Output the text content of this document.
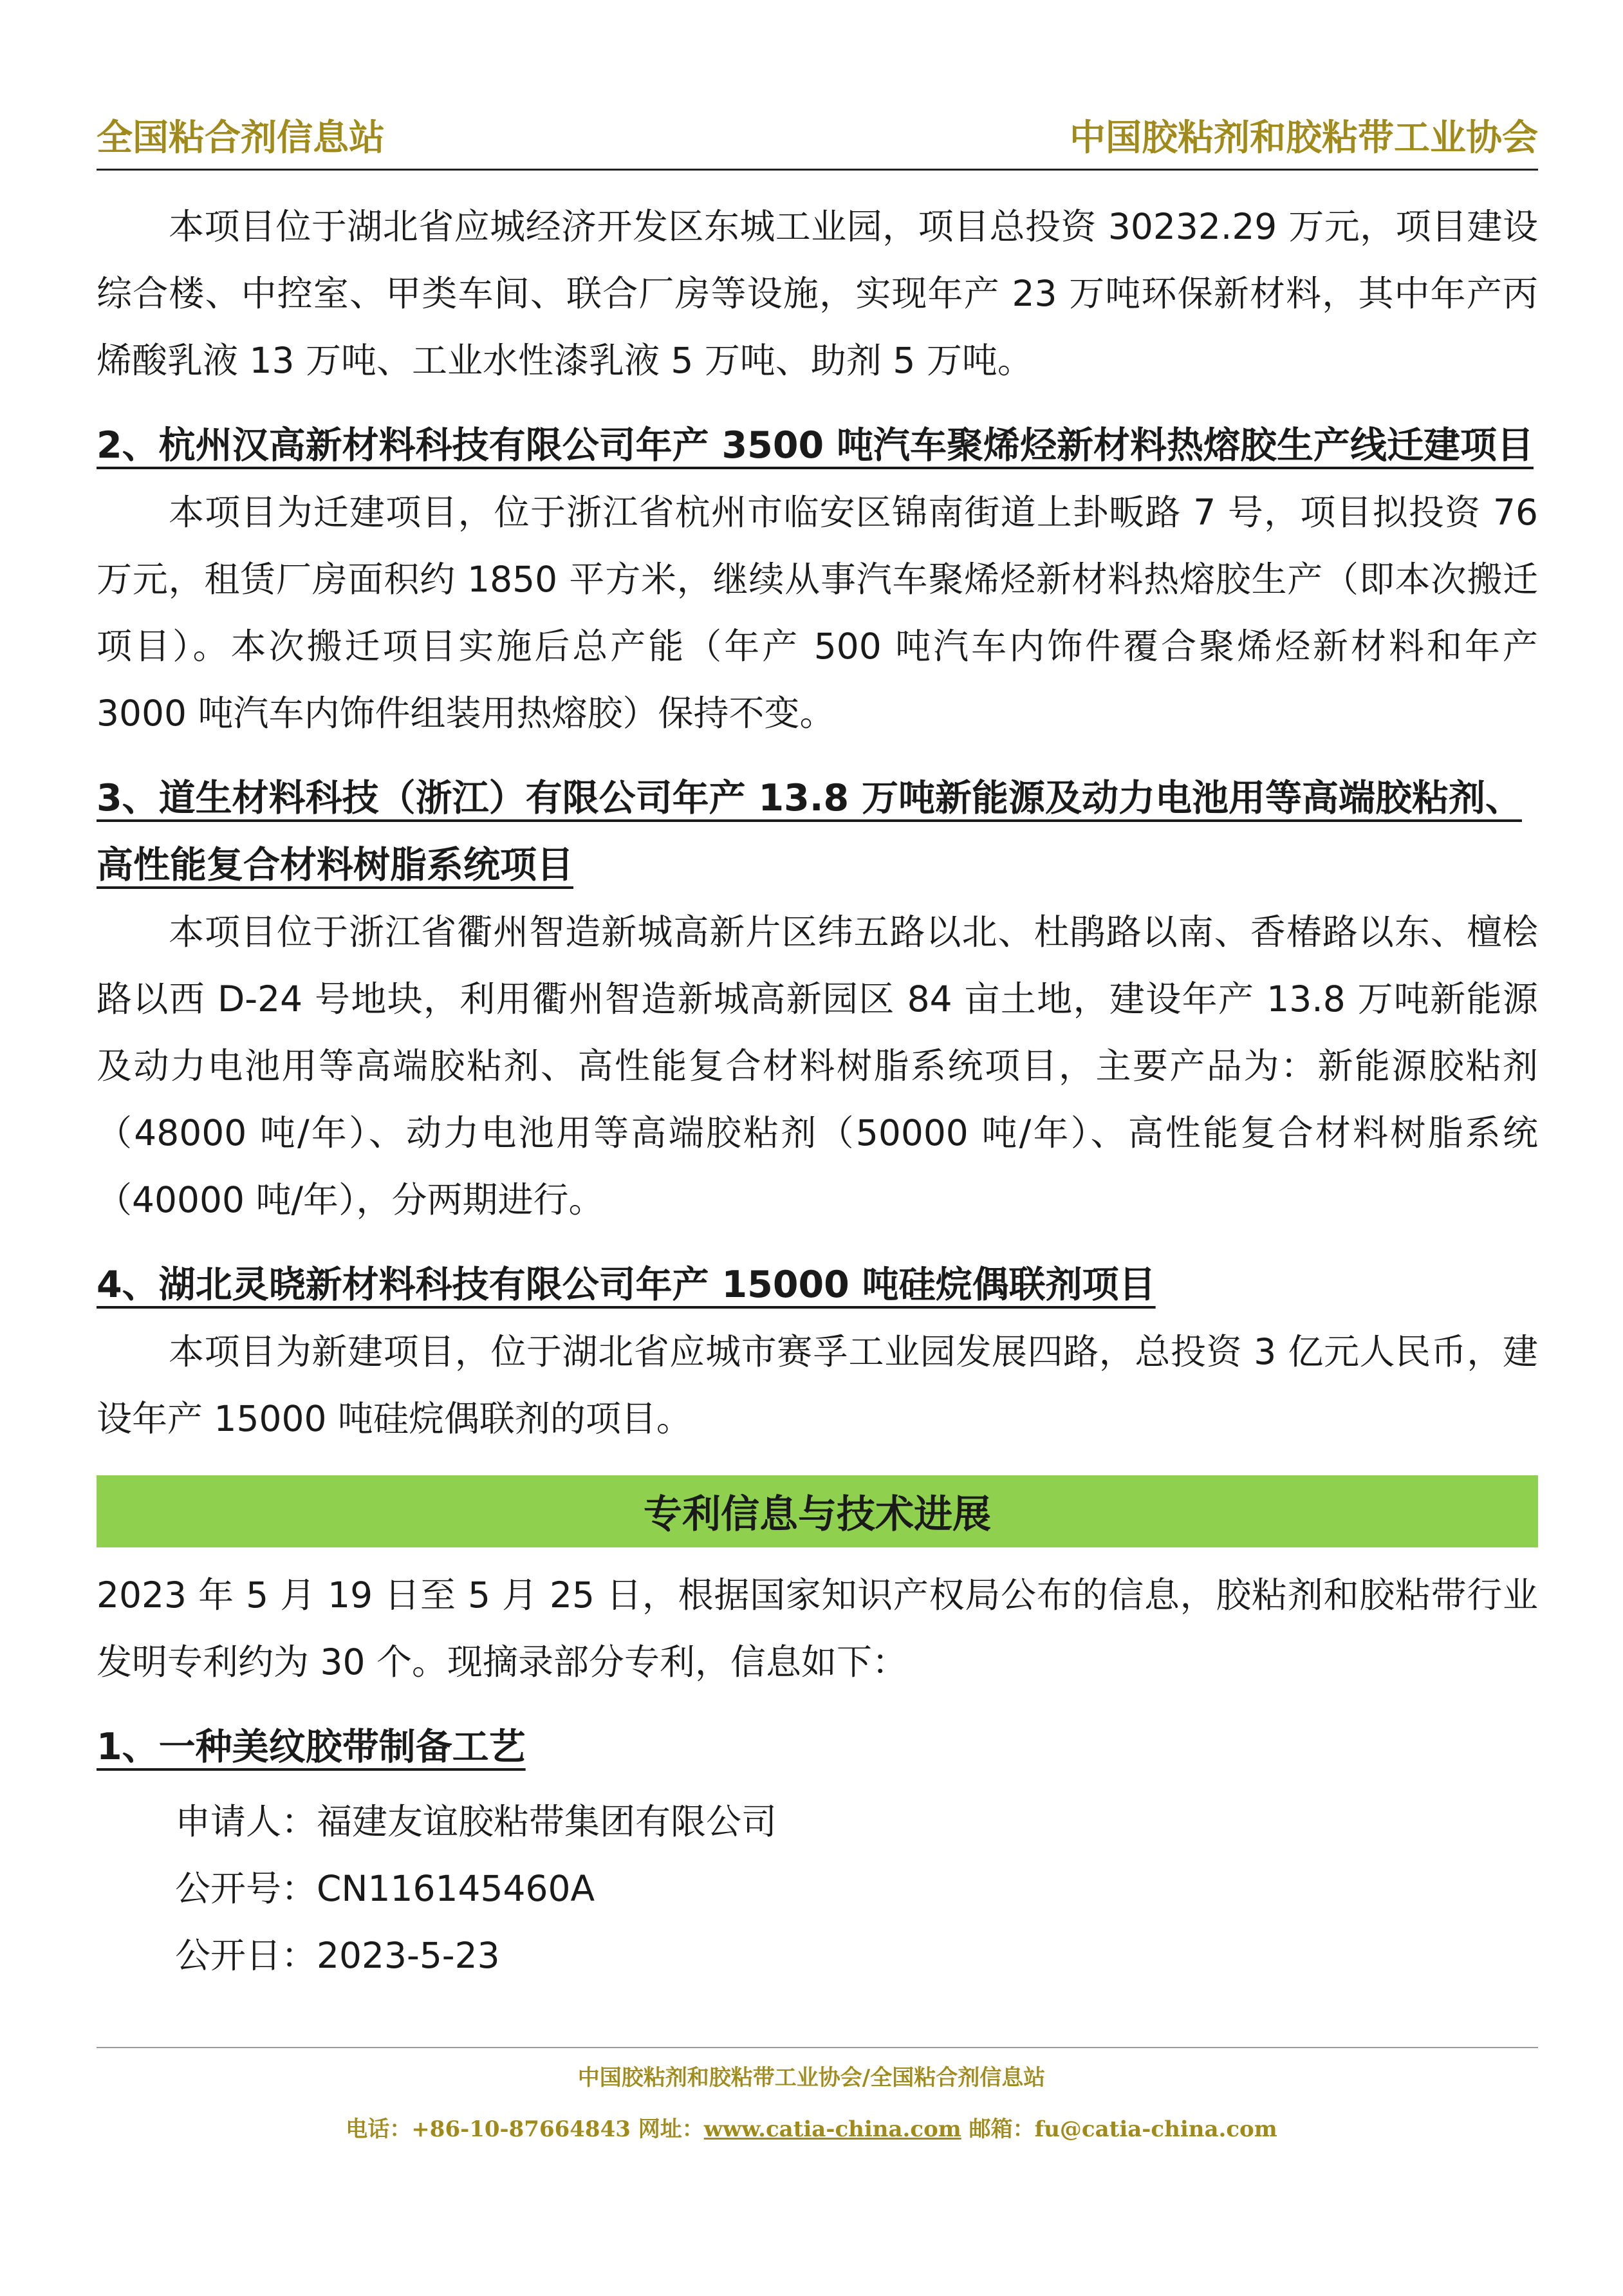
全国粘合剂信息站	中国胶粘剂和胶粘带工业协会

本项目位于湖北省应城经济开发区东城工业园，项目总投资 30232.29 万元，项目建设综合楼、中控室、甲类车间、联合厂房等设施，实现年产 23 万吨环保新材料，其中年产丙烯酸乳液 13 万吨、工业水性漆乳液 5 万吨、助剂 5 万吨。

2、杭州汉高新材料科技有限公司年产 3500 吨汽车聚烯烃新材料热熔胶生产线迁建项目

本项目为迁建项目，位于浙江省杭州市临安区锦南街道上卦畈路 7 号，项目拟投资 76 万元，租赁厂房面积约 1850 平方米，继续从事汽车聚烯烃新材料热熔胶生产（即本次搬迁项目）。本次搬迁项目实施后总产能（年产 500 吨汽车内饰件覆合聚烯烃新材料和年产 3000 吨汽车内饰件组装用热熔胶）保持不变。

3、道生材料科技（浙江）有限公司年产 13.8 万吨新能源及动力电池用等高端胶粘剂、高性能复合材料树脂系统项目

本项目位于浙江省衢州智造新城高新片区纬五路以北、杜鹃路以南、香椿路以东、檀桧路以西 D-24 号地块，利用衢州智造新城高新园区 84 亩土地，建设年产 13.8 万吨新能源及动力电池用等高端胶粘剂、高性能复合材料树脂系统项目，主要产品为：新能源胶粘剂（48000 吨/年）、动力电池用等高端胶粘剂（50000 吨/年）、高性能复合材料树脂系统（40000 吨/年），分两期进行。

4、湖北灵晓新材料科技有限公司年产 15000 吨硅烷偶联剂项目

本项目为新建项目，位于湖北省应城市赛孚工业园发展四路，总投资 3 亿元人民币，建设年产 15000 吨硅烷偶联剂的项目。

专利信息与技术进展

2023 年 5 月 19 日至 5 月 25 日，根据国家知识产权局公布的信息，胶粘剂和胶粘带行业发明专利约为 30 个。现摘录部分专利，信息如下：

1、一种美纹胶带制备工艺

申请人：福建友谊胶粘带集团有限公司

公开号：CN116145460A

公开日：2023-5-23

中国胶粘剂和胶粘带工业协会/全国粘合剂信息站
电话：+86-10-87664843 网址：www.catia-china.com 邮箱：fu@catia-china.com
